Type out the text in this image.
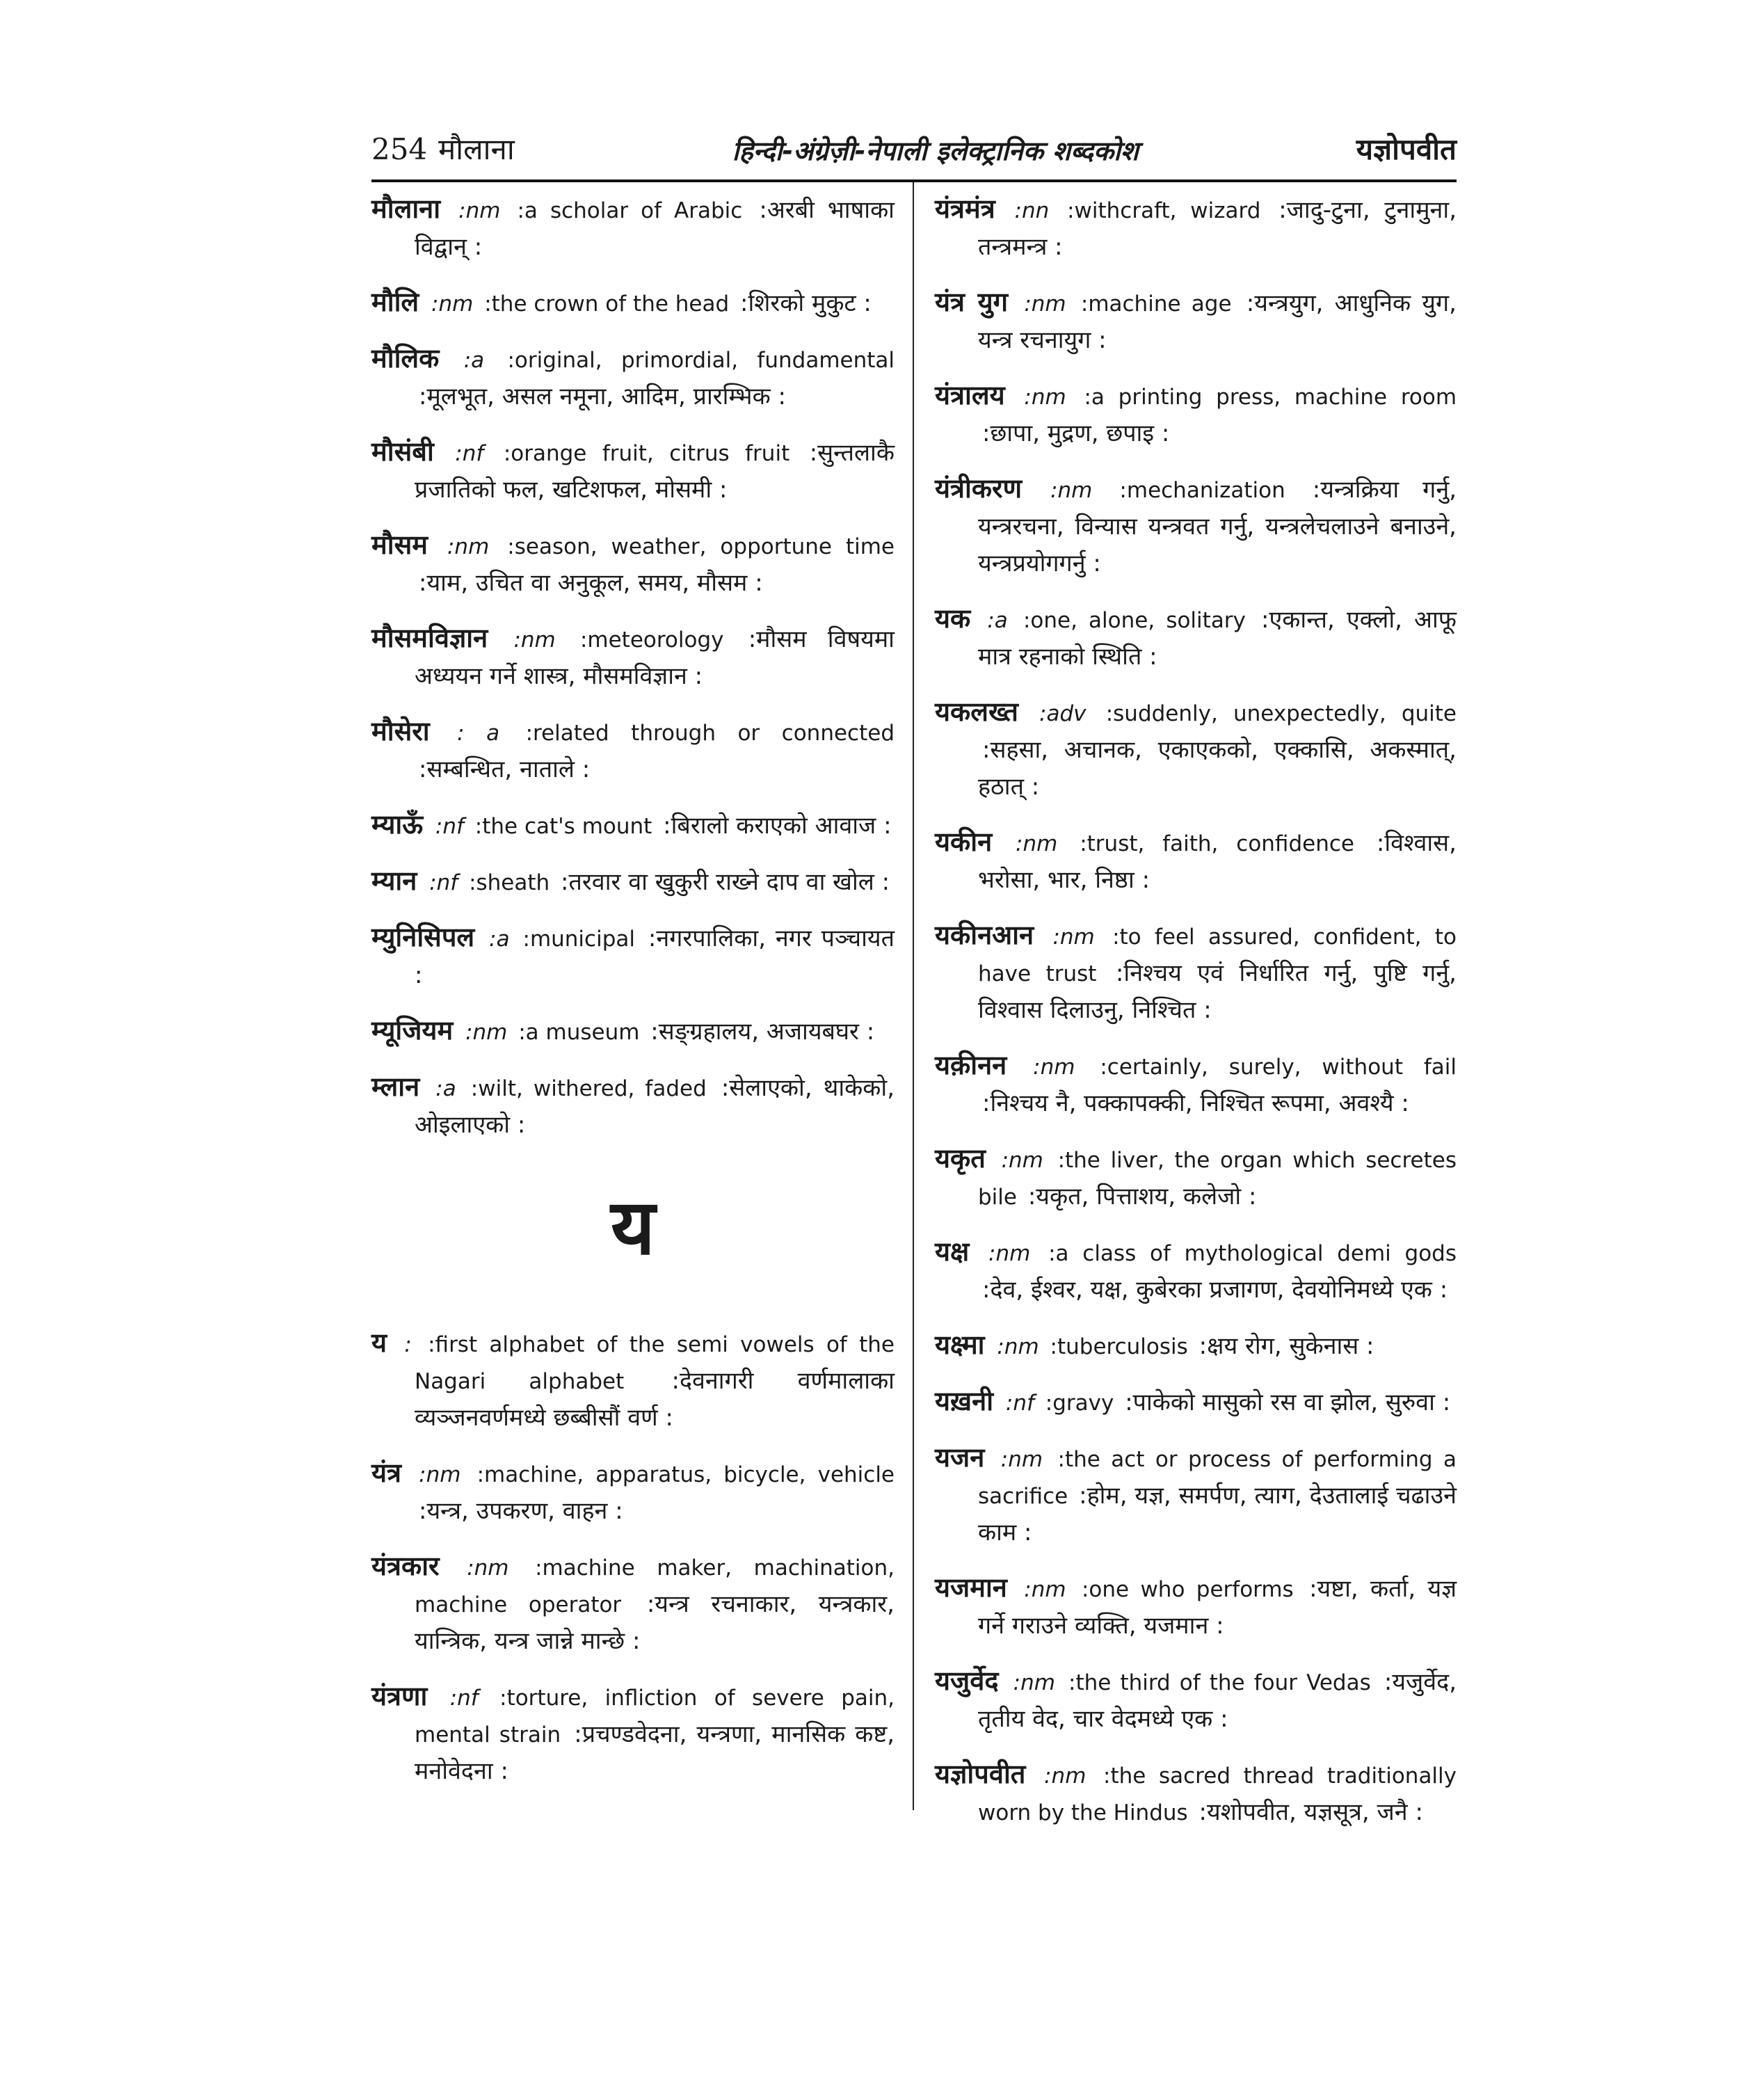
254 मौलाना	हिन्दी-अंग्रेज़ी-नेपाली इलेक्ट्रानिक शब्दकोश	यज्ञोपवीत
मौलाना :nm :a scholar of Arabic :अरबी भाषाका विद्वान् :
मौलि :nm :the crown of the head :शिरको मुकुट :
मौलिक :a :original, primordial, fundamental :मूलभूत, असल नमूना, आदिम, प्रारम्भिक :
मौसंबी :nf :orange fruit, citrus fruit :सुन्तलाकै प्रजातिको फल, खटिशफल, मोसमी :
मौसम :nm :season, weather, opportune time :याम, उचित वा अनुकूल, समय, मौसम :
मौसमविज्ञान :nm :meteorology :मौसम विषयमा अध्ययन गर्ने शास्त्र, मौसमविज्ञान :
मौसेरा : a :related through or connected :सम्बन्धित, नाताले :
म्याऊँ :nf :the cat's mount :बिरालो कराएको आवाज :
म्यान :nf :sheath :तरवार वा खुकुरी राख्ने दाप वा खोल :
म्युनिसिपल :a :municipal :नगरपालिका, नगर पञ्चायत :
म्यूजियम :nm :a museum :सङ्ग्रहालय, अजायबघर :
म्लान :a :wilt, withered, faded :सेलाएको, थाकेको, ओइलाएको :
य
य : :first alphabet of the semi vowels of the Nagari alphabet :देवनागरी वर्णमालाका व्यञ्जनवर्णमध्ये छब्बीसौं वर्ण :
यंत्र :nm :machine, apparatus, bicycle, vehicle :यन्त्र, उपकरण, वाहन :
यंत्रकार :nm :machine maker, machination, machine operator :यन्त्र रचनाकार, यन्त्रकार, यान्त्रिक, यन्त्र जान्ने मान्छे :
यंत्रणा :nf :torture, infliction of severe pain, mental strain :प्रचण्डवेदना, यन्त्रणा, मानसिक कष्ट, मनोवेदना :
यंत्रमंत्र :nn :withcraft, wizard :जादु-टुना, टुनामुना, तन्त्रमन्त्र :
यंत्र युग :nm :machine age :यन्त्रयुग, आधुनिक युग, यन्त्र रचनायुग :
यंत्रालय :nm :a printing press, machine room :छापा, मुद्रण, छपाइ :
यंत्रीकरण :nm :mechanization :यन्त्रक्रिया गर्नु, यन्त्ररचना, विन्यास यन्त्रवत गर्नु, यन्त्रलेचलाउने बनाउने, यन्त्रप्रयोगगर्नु :
यक :a :one, alone, solitary :एकान्त, एक्लो, आफू मात्र रहनाको स्थिति :
यकलख्त :adv :suddenly, unexpectedly, quite :सहसा, अचानक, एकाएकको, एक्कासि, अकस्मात्, हठात् :
यकीन :nm :trust, faith, confidence :विश्वास, भरोसा, भार, निष्ठा :
यकीनआन :nm :to feel assured, confident, to have trust :निश्चय एवं निर्धारित गर्नु, पुष्टि गर्नु, विश्वास दिलाउनु, निश्चित :
यक़ीनन :nm :certainly, surely, without fail :निश्चय नै, पक्कापक्की, निश्चित रूपमा, अवश्यै :
यकृत :nm :the liver, the organ which secretes bile :यकृत, पित्ताशय, कलेजो :
यक्ष :nm :a class of mythological demi gods :देव, ईश्वर, यक्ष, कुबेरका प्रजागण, देवयोनिमध्ये एक :
यक्ष्मा :nm :tuberculosis :क्षय रोग, सुकेनास :
यख़नी :nf :gravy :पाकेको मासुको रस वा झोल, सुरुवा :
यजन :nm :the act or process of performing a sacrifice :होम, यज्ञ, समर्पण, त्याग, देउतालाई चढाउने काम :
यजमान :nm :one who performs :यष्टा, कर्ता, यज्ञ गर्ने गराउने व्यक्ति, यजमान :
यजुर्वेद :nm :the third of the four Vedas :यजुर्वेद, तृतीय वेद, चार वेदमध्ये एक :
यज्ञोपवीत :nm :the sacred thread traditionally worn by the Hindus :यशोपवीत, यज्ञसूत्र, जनै :
